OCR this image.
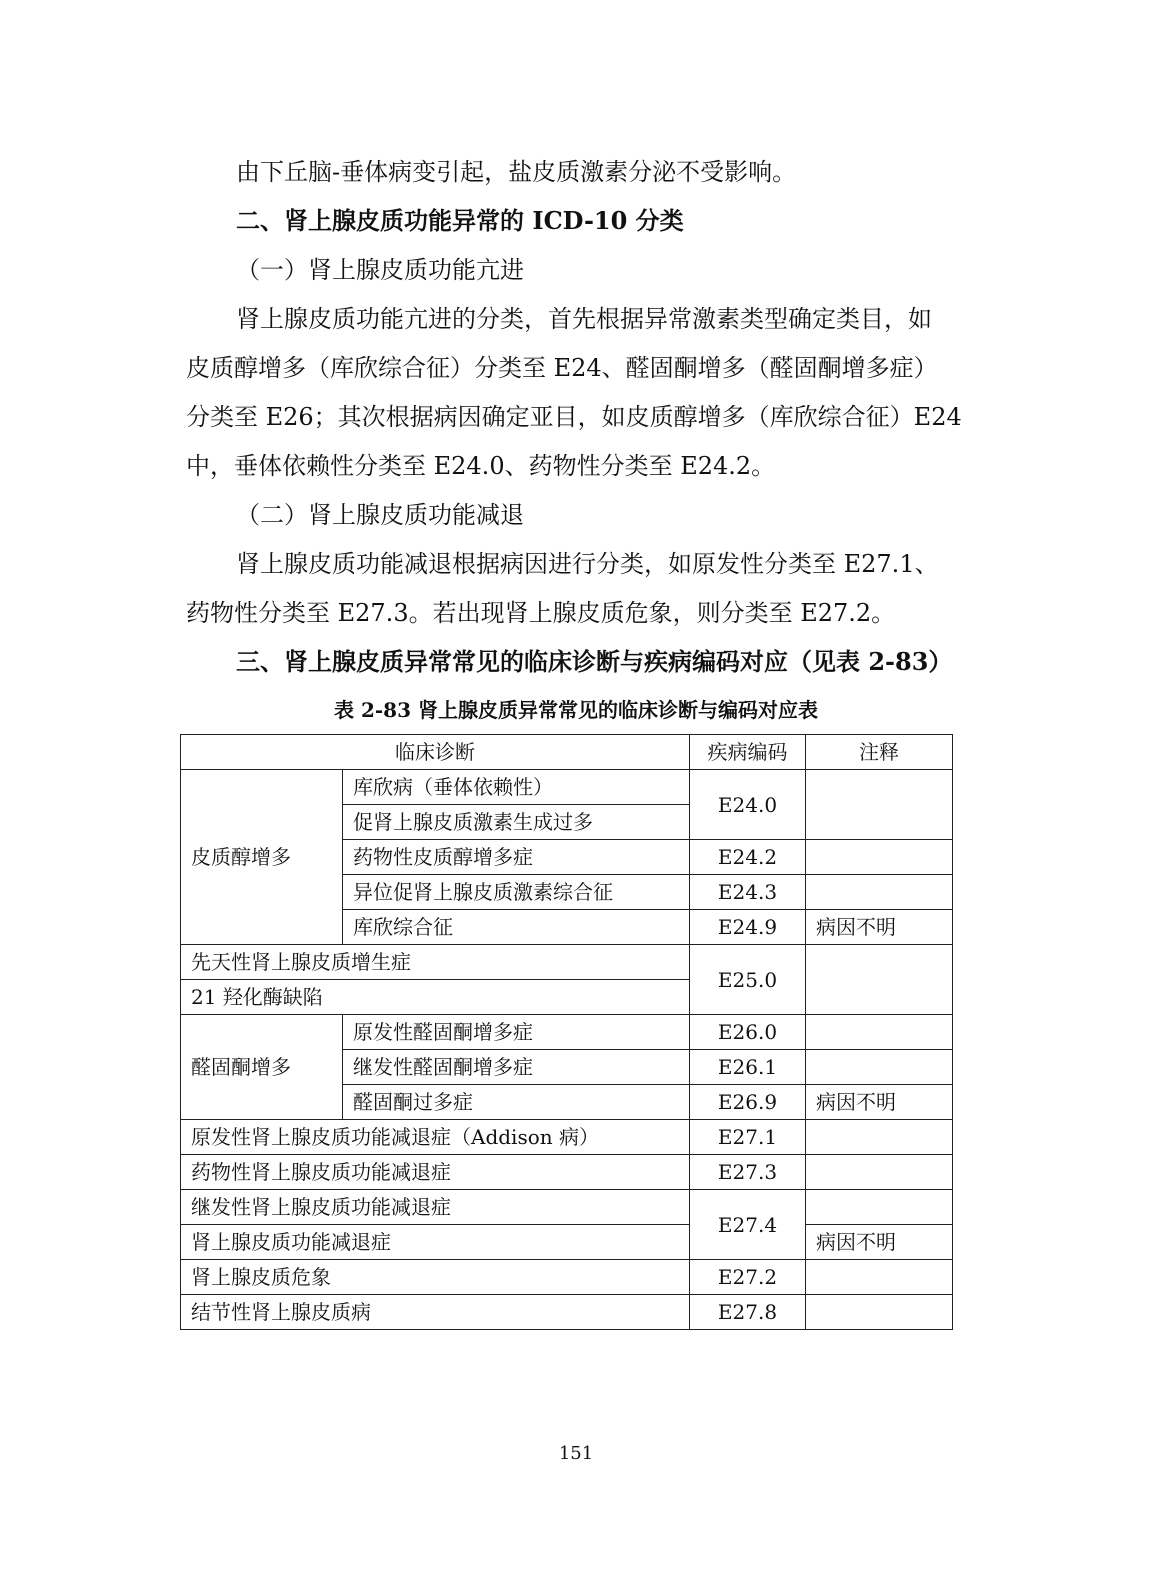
由下丘脑-垂体病变引起，盐皮质激素分泌不受影响。
二、肾上腺皮质功能异常的 ICD-10 分类
（一）肾上腺皮质功能亢进
肾上腺皮质功能亢进的分类，首先根据异常激素类型确定类目，如
皮质醇增多（库欣综合征）分类至 E24、醛固酮增多（醛固酮增多症）
分类至 E26；其次根据病因确定亚目，如皮质醇增多（库欣综合征）E24
中，垂体依赖性分类至 E24.0、药物性分类至 E24.2。
（二）肾上腺皮质功能减退
肾上腺皮质功能减退根据病因进行分类，如原发性分类至 E27.1、
药物性分类至 E27.3。若出现肾上腺皮质危象，则分类至 E27.2。
三、肾上腺皮质异常常见的临床诊断与疾病编码对应（见表 2-83）
表 2-83 肾上腺皮质异常常见的临床诊断与编码对应表
临床诊断		疾病编码	注释
皮质醇增多	库欣病（垂体依赖性）	E24.0	
	促肾上腺皮质激素生成过多		
	药物性皮质醇增多症	E24.2	
	异位促肾上腺皮质激素综合征	E24.3	
	库欣综合征	E24.9	病因不明
先天性肾上腺皮质增生症		E25.0	
21 羟化酶缺陷			
醛固酮增多	原发性醛固酮增多症	E26.0	
	继发性醛固酮增多症	E26.1	
	醛固酮过多症	E26.9	病因不明
原发性肾上腺皮质功能减退症（Addison 病）		E27.1	
药物性肾上腺皮质功能减退症		E27.3	
继发性肾上腺皮质功能减退症		E27.4	
肾上腺皮质功能减退症			病因不明
肾上腺皮质危象		E27.2	
结节性肾上腺皮质病		E27.8	
151
